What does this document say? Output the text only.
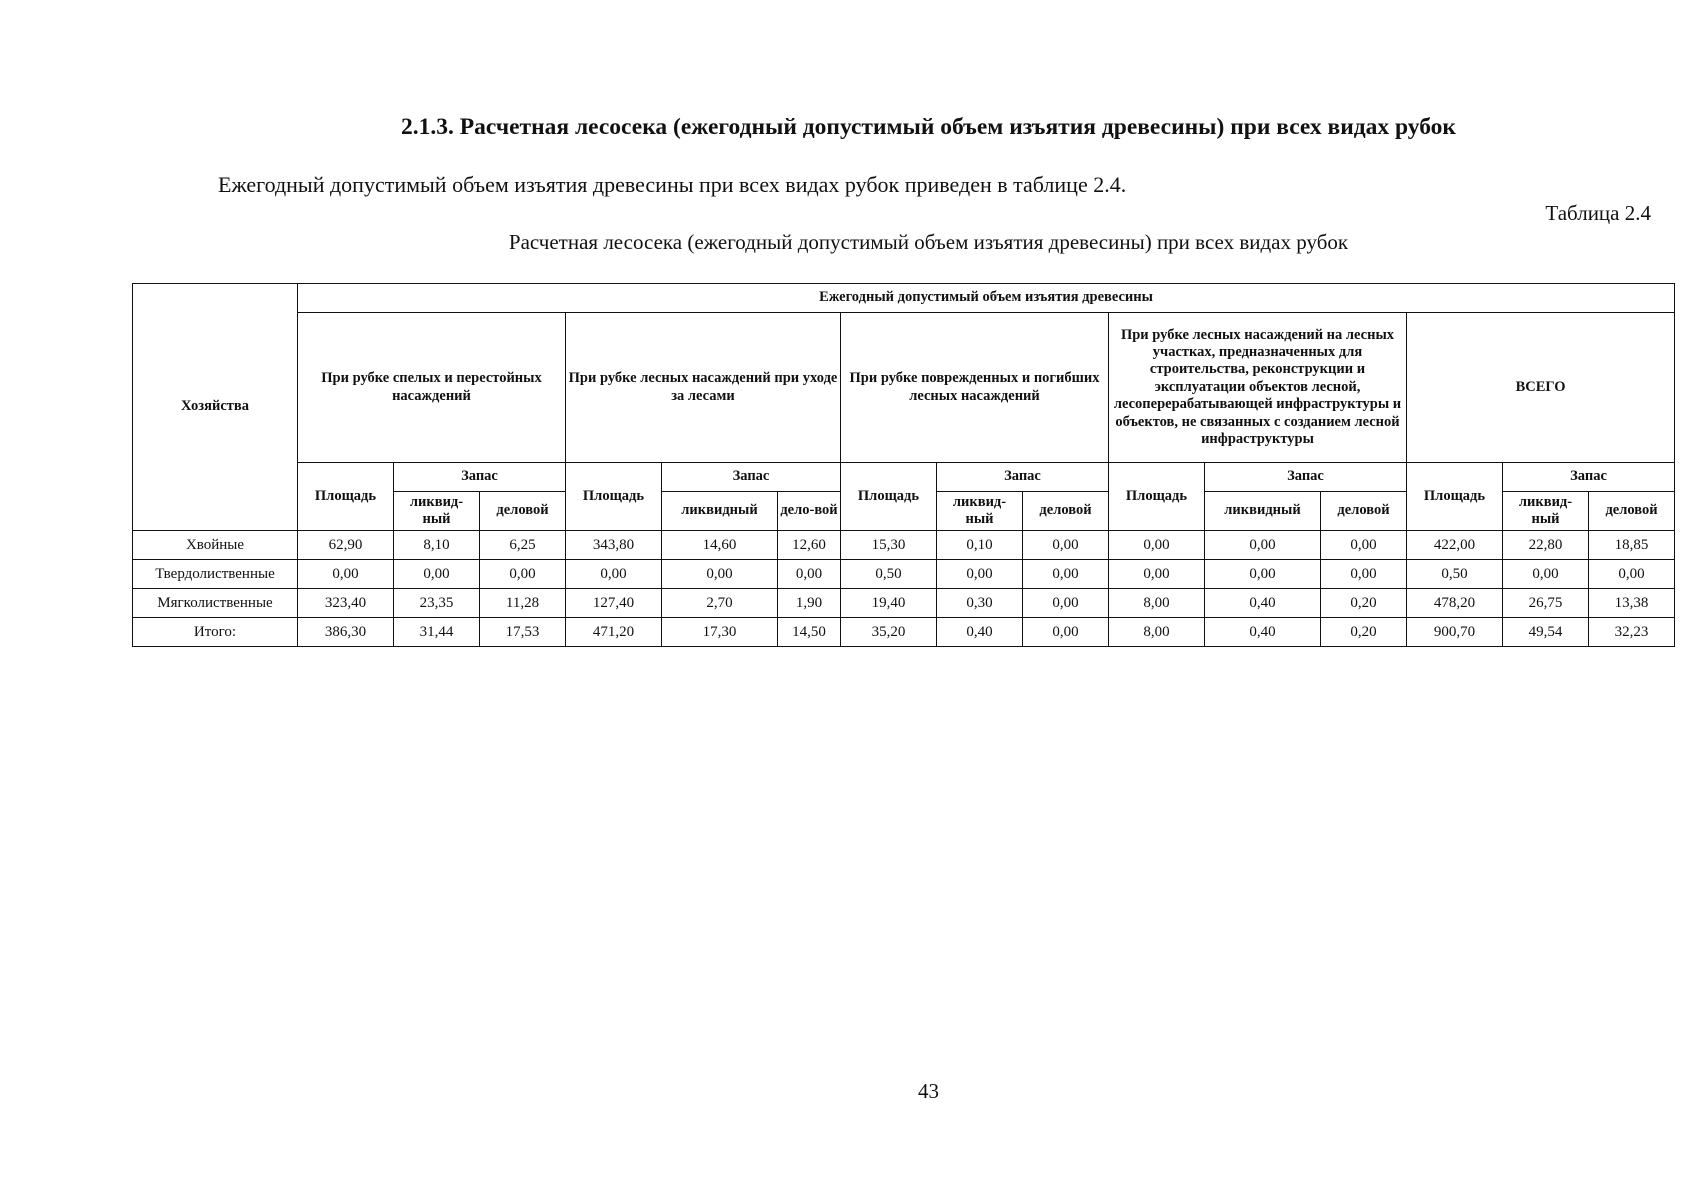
2.1.3. Расчетная лесосека (ежегодный допустимый объем изъятия древесины) при всех видах рубок
Ежегодный допустимый объем изъятия древесины при всех видах рубок приведен в таблице 2.4.
Таблица 2.4
Расчетная лесосека (ежегодный допустимый объем изъятия древесины) при всех видах рубок
Хозяйства	Ежегодный допустимый объем изъятия древесины														
	При рубке спелых и перестойных насаждений			При рубке лесных насаждений при уходе за лесами			При рубке поврежденных и погибших лесных насаждений			При рубке лесных насаждений на лесных участках, предназначенных для строительства, реконструкции и эксплуатации объектов лесной, лесоперерабатывающей инфраструктуры и объектов, не связанных с созданием лесной инфраструктуры			ВСЕГО		
	Площадь	Запас		Площадь	Запас		Площадь	Запас		Площадь	Запас		Площадь	Запас	
		ликвид-ный	деловой		ликвидный	дело-вой		ликвид-ный	деловой		ликвидный	деловой		ликвид-ный	деловой
Хвойные	62,90	8,10	6,25	343,80	14,60	12,60	15,30	0,10	0,00	0,00	0,00	0,00	422,00	22,80	18,85
Твердолиственные	0,00	0,00	0,00	0,00	0,00	0,00	0,50	0,00	0,00	0,00	0,00	0,00	0,50	0,00	0,00
Мягколиственные	323,40	23,35	11,28	127,40	2,70	1,90	19,40	0,30	0,00	8,00	0,40	0,20	478,20	26,75	13,38
Итого:	386,30	31,44	17,53	471,20	17,30	14,50	35,20	0,40	0,00	8,00	0,40	0,20	900,70	49,54	32,23
43
